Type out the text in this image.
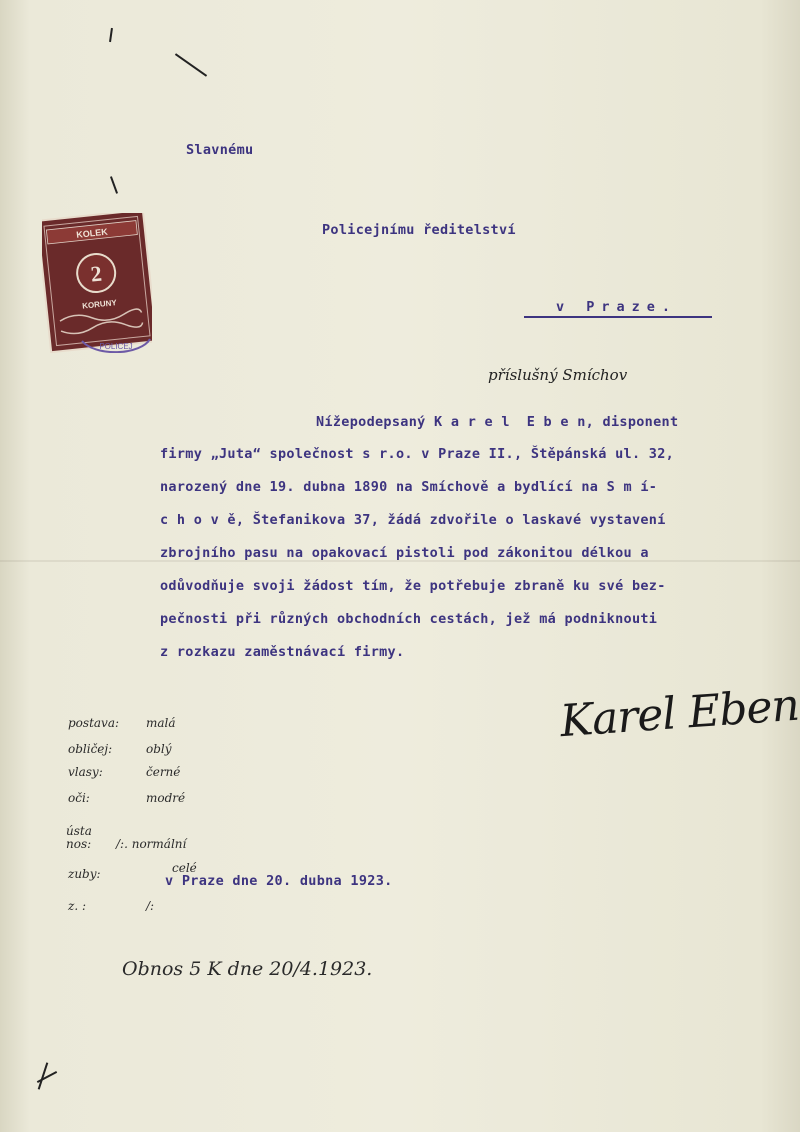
Slavnému
Policejnímu ředitelství
v Praze.
KOLEK
2
KORUNY
POLICEJ
příslušný Smíchov
Nížepodepsaný K a r e l  E b e n, disponent
firmy „Juta“ společnost s r.o. v Praze II., Štěpánská ul. 32,
narozený dne 19. dubna 1890 na Smíchově a bydlící na S m í-
c h o v ě, Štefanikova 37, žádá zdvořile o laskavé vystavení
zbrojního pasu na opakovací pistoli pod zákonitou délkou a
odůvodňuje svoji žádost tím, že potřebuje zbraně ku své bez-
pečnosti při různých obchodních cestách, jež má podniknouti
z rozkazu zaměstnávací firmy.
postava: malá
obličej:	oblý
vlasy:	černé
oči:	modré
ústa
nos: /:. normální
zuby:	celé
z. :	/:
Karel Eben
v Praze dne 20. dubna 1923.
Obnos 5 K dne 20/4.1923.
